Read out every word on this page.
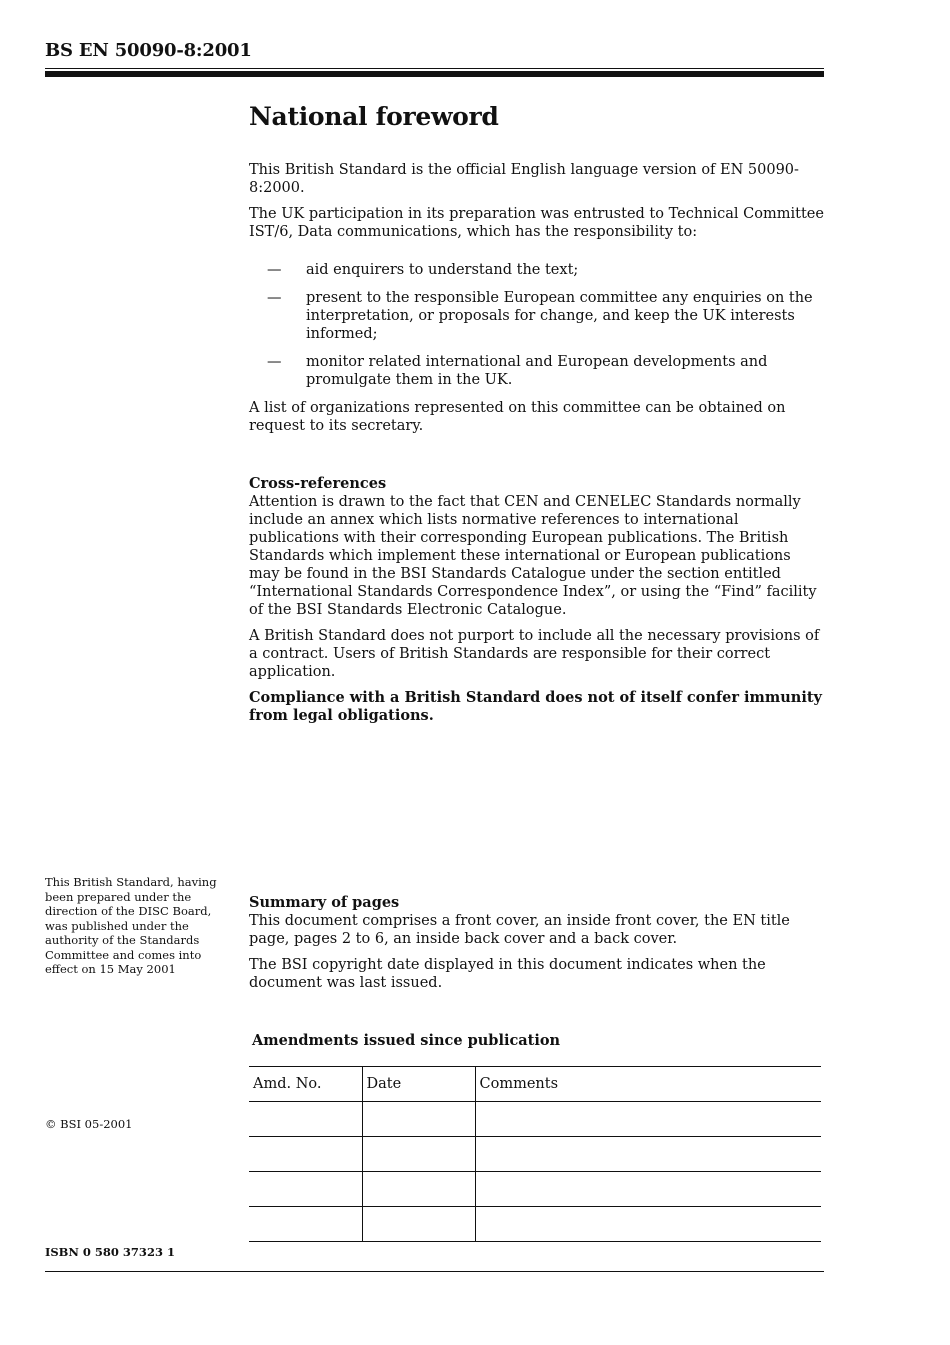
BS EN 50090-8:2001
National foreword

This British Standard is the official English language version of EN 50090-8:2000.

The UK participation in its preparation was entrusted to Technical Committee IST/6, Data communications, which has the responsibility to:

—	aid enquirers to understand the text;
—	present to the responsible European committee any enquiries on the interpretation, or proposals for change, and keep the UK interests informed;
—	monitor related international and European developments and promulgate them in the UK.

A list of organizations represented on this committee can be obtained on request to its secretary.

Cross-references

Attention is drawn to the fact that CEN and CENELEC Standards normally include an annex which lists normative references to international publications with their corresponding European publications. The British Standards which implement these international or European publications may be found in the BSI Standards Catalogue under the section entitled “International Standards Correspondence Index”, or using the “Find” facility of the BSI Standards Electronic Catalogue.

A British Standard does not purport to include all the necessary provisions of a contract. Users of British Standards are responsible for their correct application.

Compliance with a British Standard does not of itself confer immunity from legal obligations.

This British Standard, having been prepared under the direction of the DISC Board, was published under the authority of the Standards Committee and comes into effect on 15 May 2001

Summary of pages

This document comprises a front cover, an inside front cover, the EN title page, pages 2 to 6, an inside back cover and a back cover.

The BSI copyright date displayed in this document indicates when the document was last issued.

Amendments issued since publication
Amd. No.	Date	Comments

© BSI 05-2001
ISBN 0 580 37323 1
